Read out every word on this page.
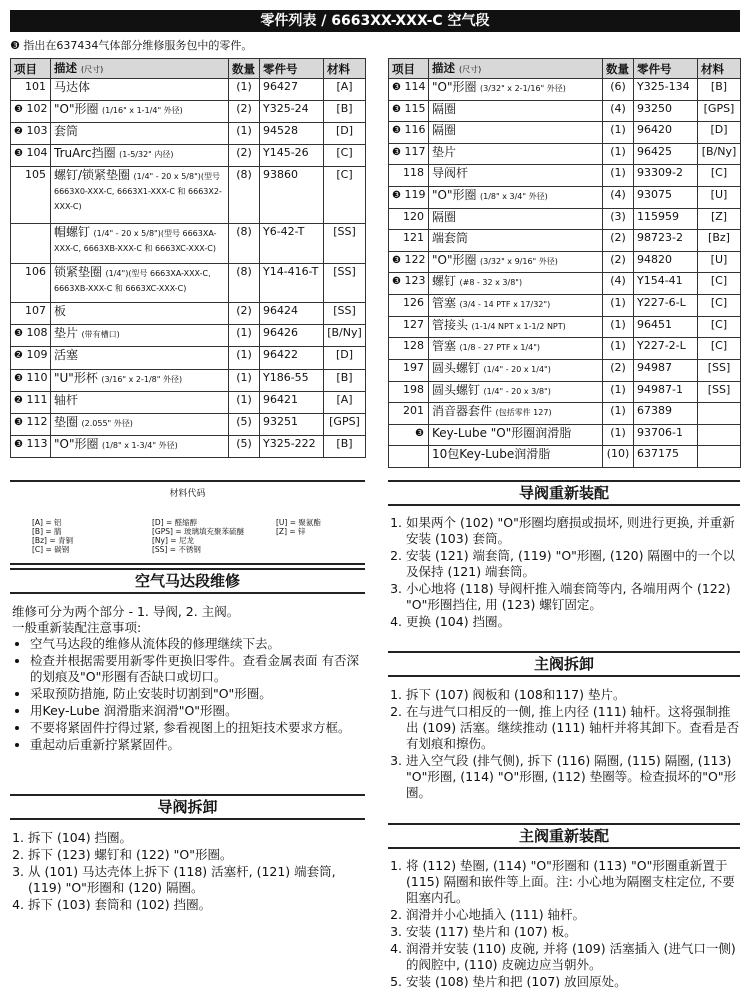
零件列表 / 6663XX-XXX-C 空气段
❸ 指出在637434气体部分维修服务包中的零件。
项目	描述 (尺寸)	数量	零件号	材料
101	马达体	(1)	96427	[A]
❸ 102	"O"形圈 (1/16" x 1-1/4" 外径)	(2)	Y325-24	[B]
❷ 103	套筒	(1)	94528	[D]
❸ 104	TruArc挡圈 (1-5/32" 内径)	(2)	Y145-26	[C]
105	螺钉/锁紧垫圈 (1/4" - 20 x 5/8")(型号 6663X0-XXX-C, 6663X1-XXX-C 和 6663X2-XXX-C)	(8)	93860	[C]
	帽螺钉 (1/4" - 20 x 5/8")(型号 6663XA-XXX-C, 6663XB-XXX-C 和 6663XC-XXX-C)	(8)	Y6-42-T	[SS]
106	锁紧垫圈 (1/4")(型号 6663XA-XXX-C, 6663XB-XXX-C 和 6663XC-XXX-C)	(8)	Y14-416-T	[SS]
107	板	(2)	96424	[SS]
❸ 108	垫片 (带有槽口)	(1)	96426	[B/Ny]
❷ 109	活塞	(1)	96422	[D]
❸ 110	"U"形杯 (3/16" x 2-1/8" 外径)	(1)	Y186-55	[B]
❷ 111	轴杆	(1)	96421	[A]
❸ 112	垫圈 (2.055" 外径)	(5)	93251	[GPS]
❸ 113	"O"形圈 (1/8" x 1-3/4" 外径)	(5)	Y325-222	[B]
项目	描述 (尺寸)	数量	零件号	材料
❸ 114	"O"形圈 (3/32" x 2-1/16" 外径)	(6)	Y325-134	[B]
❸ 115	隔圈	(4)	93250	[GPS]
❸ 116	隔圈	(1)	96420	[D]
❸ 117	垫片	(1)	96425	[B/Ny]
118	导阀杆	(1)	93309-2	[C]
❸ 119	"O"形圈 (1/8" x 3/4" 外径)	(4)	93075	[U]
120	隔圈	(3)	115959	[Z]
121	端套筒	(2)	98723-2	[Bz]
❸ 122	"O"形圈 (3/32" x 9/16" 外径)	(2)	94820	[U]
❸ 123	螺钉 (#8 - 32 x 3/8")	(4)	Y154-41	[C]
126	管塞 (3/4 - 14 PTF x 17/32")	(1)	Y227-6-L	[C]
127	管接头 (1-1/4 NPT x 1-1/2 NPT)	(1)	96451	[C]
128	管塞 (1/8 - 27 PTF x 1/4")	(1)	Y227-2-L	[C]
197	圆头螺钉 (1/4" - 20 x 1/4")	(2)	94987	[SS]
198	圆头螺钉 (1/4" - 20 x 3/8")	(1)	94987-1	[SS]
201	消音器套件 (包括零件 127)	(1)	67389	
❸	Key-Lube "O"形圈润滑脂	(1)	93706-1	
	10包Key-Lube润滑脂	(10)	637175	
材料代码
[A] = 铝
[B] = 腈
[Bz] = 青铜
[C] = 碳钢
[D] = 醛缩醇
[GPS] = 玻璃填充聚苯硫醚
[Ny] = 尼龙
[SS] = 不锈钢
[U] = 聚氨酯
[Z] = 锌
空气马达段维修
维修可分为两个部分 - 1. 导阀, 2. 主阀。
一般重新装配注意事项:
• 空气马达段的维修从流体段的修理继续下去。
• 检查并根据需要用新零件更换旧零件。查看金属表面 有否深的划痕及"O"形圈有否缺口或切口。
• 采取预防措施, 防止安装时切割到"O"形圈。
• 用Key-Lube 润滑脂来润滑"O"形圈。
• 不要将紧固件拧得过紧, 参看视图上的扭矩技术要求方框。
• 重起动后重新拧紧紧固件。
导阀拆卸
1. 拆下 (104) 挡圈。
2. 拆下 (123) 螺钉和 (122) "O"形圈。
3. 从 (101) 马达壳体上拆下 (118) 活塞杆, (121) 端套筒, (119) "O"形圈和 (120) 隔圈。
4. 拆下 (103) 套筒和 (102) 挡圈。
导阀重新装配
1. 如果两个 (102) "O"形圈均磨损或损坏, 则进行更换, 并重新安装 (103) 套筒。
2. 安装 (121) 端套筒, (119) "O"形圈, (120) 隔圈中的一个以及保持 (121) 端套筒。
3. 小心地将 (118) 导阀杆推入端套筒等内, 各端用两个 (122) "O"形圈挡住, 用 (123) 螺钉固定。
4. 更换 (104) 挡圈。
主阀拆卸
1. 拆下 (107) 阀板和 (108和117) 垫片。
2. 在与进气口相反的一侧, 推上内径 (111) 轴杆。这将强制推出 (109) 活塞。继续推动 (111) 轴杆并将其卸下。查看是否有划痕和擦伤。
3. 进入空气段 (排气侧), 拆下 (116) 隔圈, (115) 隔圈, (113) "O"形圈, (114) "O"形圈, (112) 垫圈等。检查损坏的"O"形圈。
主阀重新装配
1. 将 (112) 垫圈, (114) "O"形圈和 (113) "O"形圈重新置于 (115) 隔圈和嵌件等上面。注: 小心地为隔圈支柱定位, 不要阻塞内孔。
2. 润滑并小心地插入 (111) 轴杆。
3. 安装 (117) 垫片和 (107) 板。
4. 润滑并安装 (110) 皮碗, 并将 (109) 活塞插入 (进气口一侧) 的阀腔中, (110) 皮碗边应当朝外。
5. 安装 (108) 垫片和把 (107) 放回原处。
